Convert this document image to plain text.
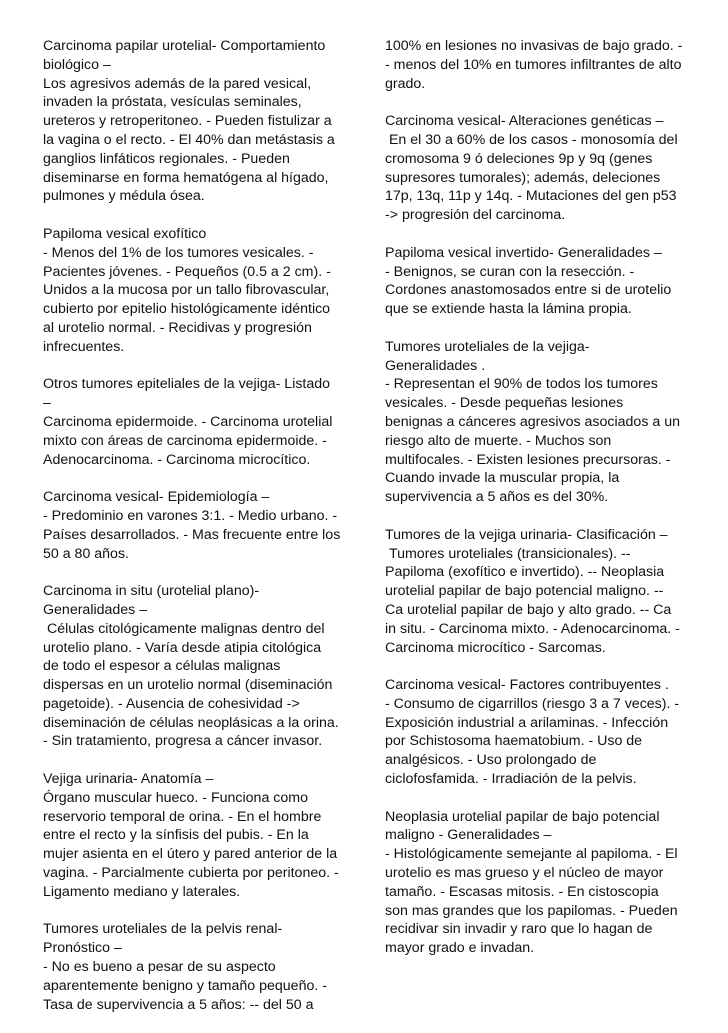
Carcinoma papilar urotelial- Comportamiento

biológico –

Los agresivos además de la pared vesical,

invaden la próstata, vesículas seminales,

ureteros y retroperitoneo. - Pueden fistulizar a

la vagina o el recto. - El 40% dan metástasis a

ganglios linfáticos regionales. - Pueden

diseminarse en forma hematógena al hígado,

pulmones y médula ósea.

Papiloma vesical exofítico

- Menos del 1% de los tumores vesicales. -

Pacientes jóvenes. - Pequeños (0.5 a 2 cm). -

Unidos a la mucosa por un tallo fibrovascular,

cubierto por epitelio histológicamente idéntico

al urotelio normal. - Recidivas y progresión

infrecuentes.

Otros tumores epiteliales de la vejiga- Listado

–

Carcinoma epidermoide. - Carcinoma urotelial

mixto con áreas de carcinoma epidermoide. -

Adenocarcinoma. - Carcinoma microcítico.

Carcinoma vesical- Epidemiología –

- Predominio en varones 3:1. - Medio urbano. -

Países desarrollados. - Mas frecuente entre los

50 a 80 años.

Carcinoma in situ (urotelial plano)-

Generalidades –

Células citológicamente malignas dentro del

urotelio plano. - Varía desde atipia citológica

de todo el espesor a células malignas

dispersas en un urotelio normal (diseminación

pagetoide). - Ausencia de cohesividad ->

diseminación de células neoplásicas a la orina.

- Sin tratamiento, progresa a cáncer invasor.

Vejiga urinaria- Anatomía –

Órgano muscular hueco. - Funciona como

reservorio temporal de orina. - En el hombre

entre el recto y la sínfisis del pubis. - En la

mujer asienta en el útero y pared anterior de la

vagina. - Parcialmente cubierta por peritoneo. -

Ligamento mediano y laterales.

Tumores uroteliales de la pelvis renal-

Pronóstico –

- No es bueno a pesar de su aspecto

aparentemente benigno y tamaño pequeño. -

Tasa de supervivencia a 5 años: -- del 50 a

100% en lesiones no invasivas de bajo grado. -

- menos del 10% en tumores infiltrantes de alto

grado.

Carcinoma vesical- Alteraciones genéticas –

En el 30 a 60% de los casos - monosomía del

cromosoma 9 ó deleciones 9p y 9q (genes

supresores tumorales); además, deleciones

17p, 13q, 11p y 14q. - Mutaciones del gen p53

-> progresión del carcinoma.

Papiloma vesical invertido- Generalidades –

- Benignos, se curan con la resección. -

Cordones anastomosados entre si de urotelio

que se extiende hasta la lámina propia.

Tumores uroteliales de la vejiga-

Generalidades .

- Representan el 90% de todos los tumores

vesicales. - Desde pequeñas lesiones

benignas a cánceres agresivos asociados a un

riesgo alto de muerte. - Muchos son

multifocales. - Existen lesiones precursoras. -

Cuando invade la muscular propia, la

supervivencia a 5 años es del 30%.

Tumores de la vejiga urinaria- Clasificación –

Tumores uroteliales (transicionales). --

Papiloma (exofítico e invertido). -- Neoplasia

urotelial papilar de bajo potencial maligno. --

Ca urotelial papilar de bajo y alto grado. -- Ca

in situ. - Carcinoma mixto. - Adenocarcinoma. -

Carcinoma microcítico - Sarcomas.

Carcinoma vesical- Factores contribuyentes .

- Consumo de cigarrillos (riesgo 3 a 7 veces). -

Exposición industrial a arilaminas. - Infección

por Schistosoma haematobium. - Uso de

analgésicos. - Uso prolongado de

ciclofosfamida. - Irradiación de la pelvis.

Neoplasia urotelial papilar de bajo potencial

maligno - Generalidades –

- Histológicamente semejante al papiloma. - El

urotelio es mas grueso y el núcleo de mayor

tamaño. - Escasas mitosis. - En cistoscopia

son mas grandes que los papilomas. - Pueden

recidivar sin invadir y raro que lo hagan de

mayor grado e invadan.
